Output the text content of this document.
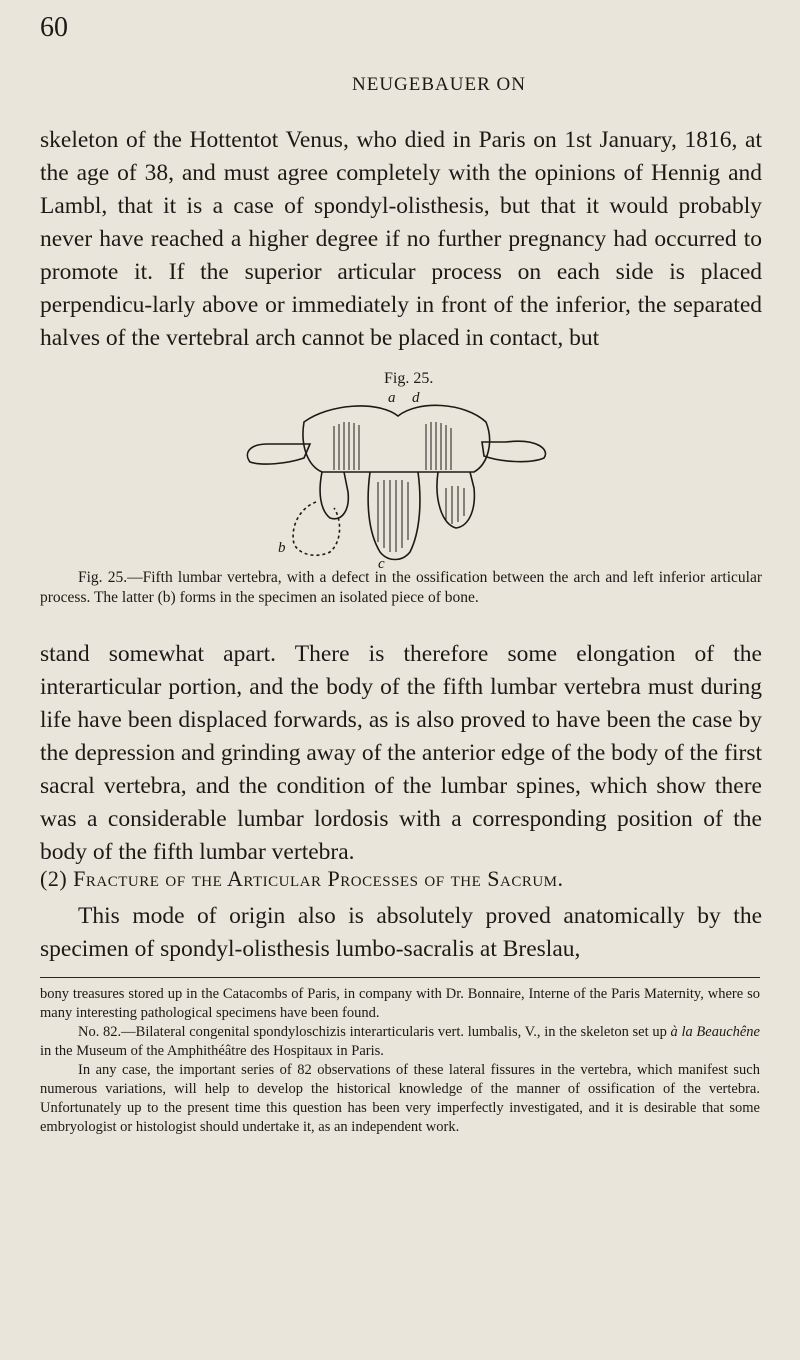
60
NEUGEBAUER ON

skeleton of the Hottentot Venus, who died in Paris on 1st January, 1816, at the age of 38, and must agree completely with the opinions of Hennig and Lambl, that it is a case of spondyl-olisthesis, but that it would probably never have reached a higher degree if no further pregnancy had occurred to promote it. If the superior articular process on each side is placed perpendicu-larly above or immediately in front of the inferior, the separated halves of the vertebral arch cannot be placed in contact, but

Fig. 25.
a d
b
c
Fig. 25.—Fifth lumbar vertebra, with a defect in the ossification between the arch and left inferior articular process. The latter (b) forms in the specimen an isolated piece of bone.

stand somewhat apart. There is therefore some elongation of the interarticular portion, and the body of the fifth lumbar vertebra must during life have been displaced forwards, as is also proved to have been the case by the depression and grinding away of the anterior edge of the body of the first sacral vertebra, and the condition of the lumbar spines, which show there was a considerable lumbar lordosis with a corresponding position of the body of the fifth lumbar vertebra.

(2) Fracture of the Articular Processes of the Sacrum.

This mode of origin also is absolutely proved anatomically by the specimen of spondyl-olisthesis lumbo-sacralis at Breslau,

bony treasures stored up in the Catacombs of Paris, in company with Dr. Bonnaire, Interne of the Paris Maternity, where so many interesting pathological specimens have been found.

No. 82.—Bilateral congenital spondyloschizis interarticularis vert. lumbalis, V., in the skeleton set up à la Beauchêne in the Museum of the Amphithéâtre des Hospitaux in Paris.

In any case, the important series of 82 observations of these lateral fissures in the vertebra, which manifest such numerous variations, will help to develop the historical knowledge of the manner of ossification of the vertebra. Unfortunately up to the present time this question has been very imperfectly investigated, and it is desirable that some embryologist or histologist should undertake it, as an independent work.
